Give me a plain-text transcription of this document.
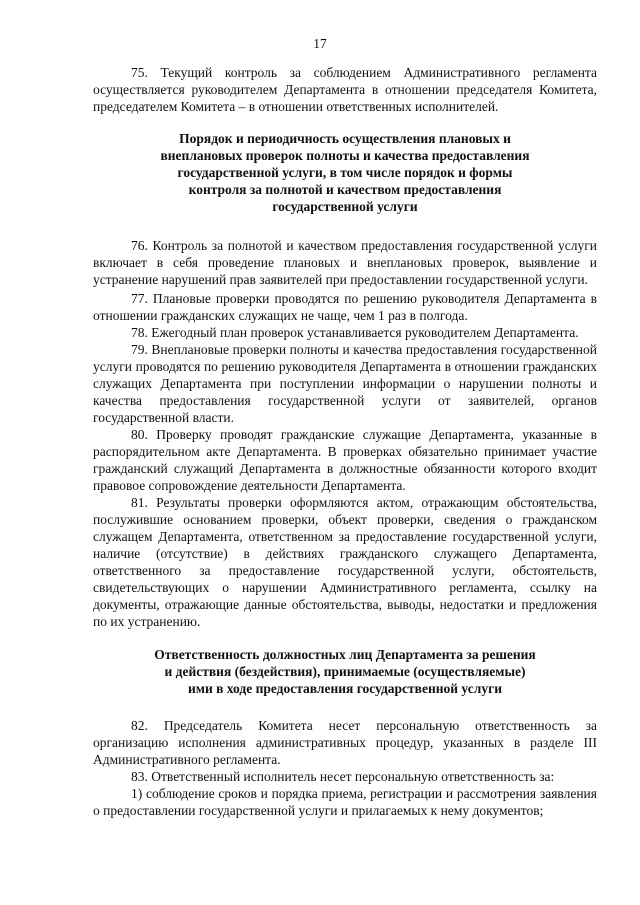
17

75. Текущий контроль за соблюдением Административного регламента осуществляется руководителем Департамента в отношении председателя Комитета, председателем Комитета – в отношении ответственных исполнителей.

Порядок и периодичность осуществления плановых и внеплановых проверок полноты и качества предоставления государственной услуги, в том числе порядок и формы контроля за полнотой и качеством предоставления государственной услуги

76. Контроль за полнотой и качеством предоставления государственной услуги включает в себя проведение плановых и внеплановых проверок, выявление и устранение нарушений прав заявителей при предоставлении государственной услуги.

77. Плановые проверки проводятся по решению руководителя Департамента в отношении гражданских служащих не чаще, чем 1 раз в полгода.

78. Ежегодный план проверок устанавливается руководителем Департамента.

79. Внеплановые проверки полноты и качества предоставления государственной услуги проводятся по решению руководителя Департамента в отношении гражданских служащих Департамента при поступлении информации о нарушении полноты и качества предоставления государственной услуги от заявителей, органов государственной власти.

80. Проверку проводят гражданские служащие Департамента, указанные в распорядительном акте Департамента. В проверках обязательно принимает участие гражданский служащий Департамента в должностные обязанности которого входит правовое сопровождение деятельности Департамента.

81. Результаты проверки оформляются актом, отражающим обстоятельства, послужившие основанием проверки, объект проверки, сведения о гражданском служащем Департамента, ответственном за предоставление государственной услуги, наличие (отсутствие) в действиях гражданского служащего Департамента, ответственного за предоставление государственной услуги, обстоятельств, свидетельствующих о нарушении Административного регламента, ссылку на документы, отражающие данные обстоятельства, выводы, недостатки и предложения по их устранению.

Ответственность должностных лиц Департамента за решения и действия (бездействия), принимаемые (осуществляемые) ими в ходе предоставления государственной услуги

82. Председатель Комитета несет персональную ответственность за организацию исполнения административных процедур, указанных в разделе III Административного регламента.

83. Ответственный исполнитель несет персональную ответственность за:

1) соблюдение сроков и порядка приема, регистрации и рассмотрения заявления о предоставлении государственной услуги и прилагаемых к нему документов;
